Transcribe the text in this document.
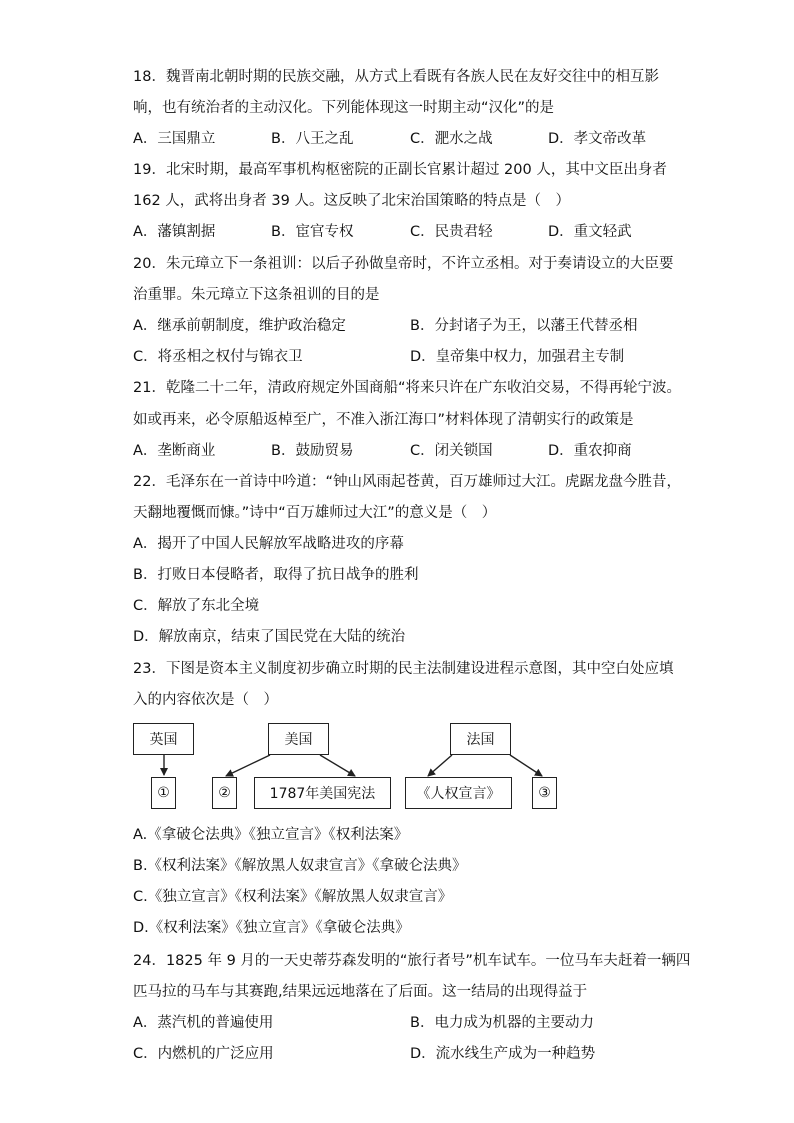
18．魏晋南北朝时期的民族交融，从方式上看既有各族人民在友好交往中的相互影
响，也有统治者的主动汉化。下列能体现这一时期主动“汉化”的是
A．三国鼎立	B．八王之乱	C．淝水之战	D．孝文帝改革
19．北宋时期，最高军事机构枢密院的正副长官累计超过 200 人，其中文臣出身者
162 人，武将出身者 39 人。这反映了北宋治国策略的特点是（　）
A．藩镇割据	B．宦官专权	C．民贵君轻	D．重文轻武
20．朱元璋立下一条祖训：以后子孙做皇帝时，不许立丞相。对于奏请设立的大臣要
治重罪。朱元璋立下这条祖训的目的是
A．继承前朝制度，维护政治稳定	B．分封诸子为王，以藩王代替丞相
C．将丞相之权付与锦衣卫	D．皇帝集中权力，加强君主专制
21．乾隆二十二年，清政府规定外国商船“将来只许在广东收泊交易，不得再轮宁波。
如或再来，必令原船返棹至广，不准入浙江海口”材料体现了清朝实行的政策是
A．垄断商业	B．鼓励贸易	C．闭关锁国	D．重农抑商
22．毛泽东在一首诗中吟道：“钟山风雨起苍黄，百万雄师过大江。虎踞龙盘今胜昔，
天翻地覆慨而慷。”诗中“百万雄师过大江”的意义是（　）
A．揭开了中国人民解放军战略进攻的序幕
B．打败日本侵略者，取得了抗日战争的胜利
C．解放了东北全境
D．解放南京，结束了国民党在大陆的统治
23．下图是资本主义制度初步确立时期的民主法制建设进程示意图，其中空白处应填
入的内容依次是（　）
英国	美国	法国
①	②	1787年美国宪法	《人权宣言》	③
A.《拿破仑法典》《独立宣言》《权利法案》
B.《权利法案》《解放黑人奴隶宣言》《拿破仑法典》
C.《独立宣言》《权利法案》《解放黑人奴隶宣言》
D.《权利法案》《独立宣言》《拿破仑法典》
24．1825 年 9 月的一天史蒂芬森发明的“旅行者号”机车试车。一位马车夫赶着一辆四
匹马拉的马车与其赛跑,结果远远地落在了后面。这一结局的出现得益于
A．蒸汽机的普遍使用	B．电力成为机器的主要动力
C．内燃机的广泛应用	D．流水线生产成为一种趋势
